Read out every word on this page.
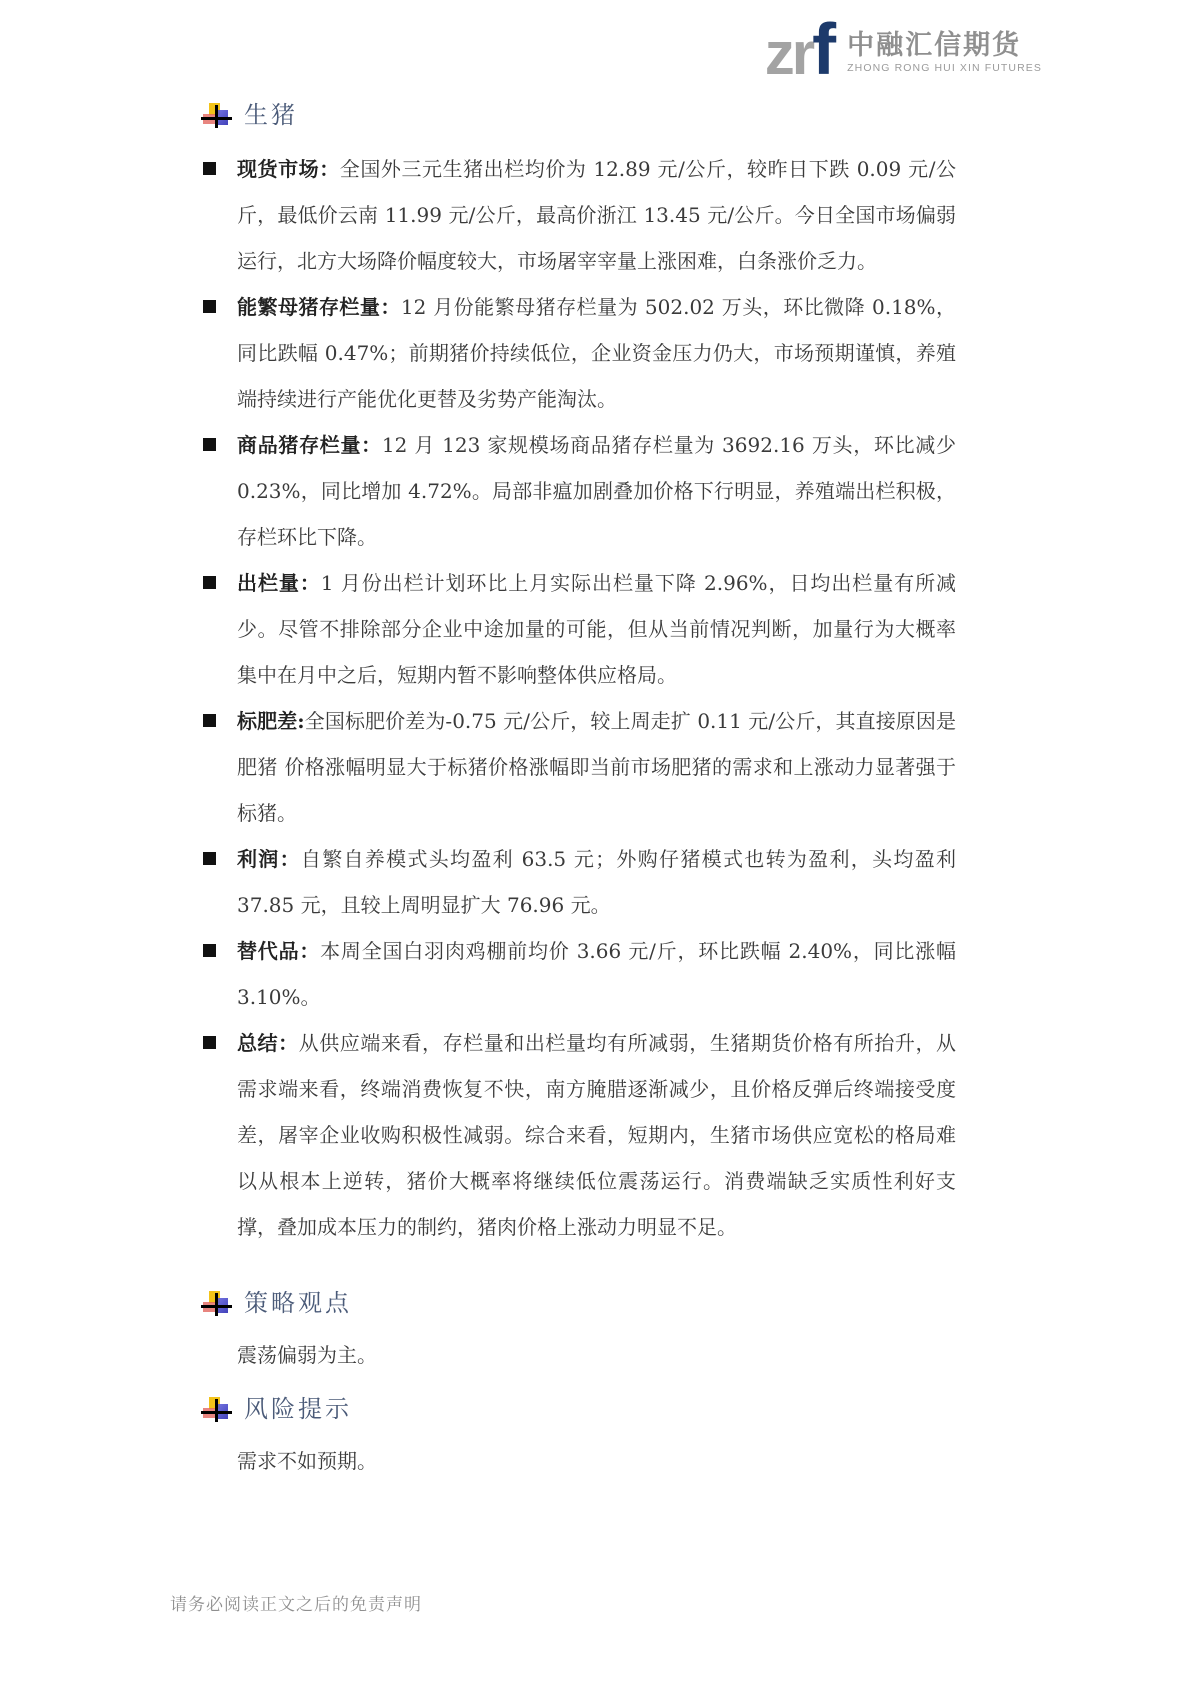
zrf 中融汇信期货
ZHONG RONG HUI XIN FUTURES
生猪
现货市场：全国外三元生猪出栏均价为 12.89 元/公斤，较昨日下跌 0.09 元/公斤，最低价云南 11.99 元/公斤，最高价浙江 13.45 元/公斤。今日全国市场偏弱运行，北方大场降价幅度较大，市场屠宰宰量上涨困难，白条涨价乏力。
能繁母猪存栏量：12 月份能繁母猪存栏量为 502.02 万头，环比微降 0.18%，同比跌幅 0.47%；前期猪价持续低位，企业资金压力仍大，市场预期谨慎，养殖端持续进行产能优化更替及劣势产能淘汰。
商品猪存栏量：12 月 123 家规模场商品猪存栏量为 3692.16 万头，环比减少 0.23%，同比增加 4.72%。局部非瘟加剧叠加价格下行明显，养殖端出栏积极，存栏环比下降。
出栏量：1 月份出栏计划环比上月实际出栏量下降 2.96%，日均出栏量有所减少。尽管不排除部分企业中途加量的可能，但从当前情况判断，加量行为大概率集中在月中之后，短期内暂不影响整体供应格局。
标肥差:全国标肥价差为-0.75 元/公斤，较上周走扩 0.11 元/公斤，其直接原因是肥猪 价格涨幅明显大于标猪价格涨幅即当前市场肥猪的需求和上涨动力显著强于标猪。
利润：自繁自养模式头均盈利 63.5 元；外购仔猪模式也转为盈利，头均盈利 37.85 元，且较上周明显扩大 76.96 元。
替代品：本周全国白羽肉鸡棚前均价 3.66 元/斤，环比跌幅 2.40%，同比涨幅 3.10%。
总结：从供应端来看，存栏量和出栏量均有所减弱，生猪期货价格有所抬升，从需求端来看，终端消费恢复不快，南方腌腊逐渐减少，且价格反弹后终端接受度差，屠宰企业收购积极性减弱。综合来看，短期内，生猪市场供应宽松的格局难以从根本上逆转，猪价大概率将继续低位震荡运行。消费端缺乏实质性利好支撑，叠加成本压力的制约，猪肉价格上涨动力明显不足。
策略观点
震荡偏弱为主。
风险提示
需求不如预期。
请务必阅读正文之后的免责声明
